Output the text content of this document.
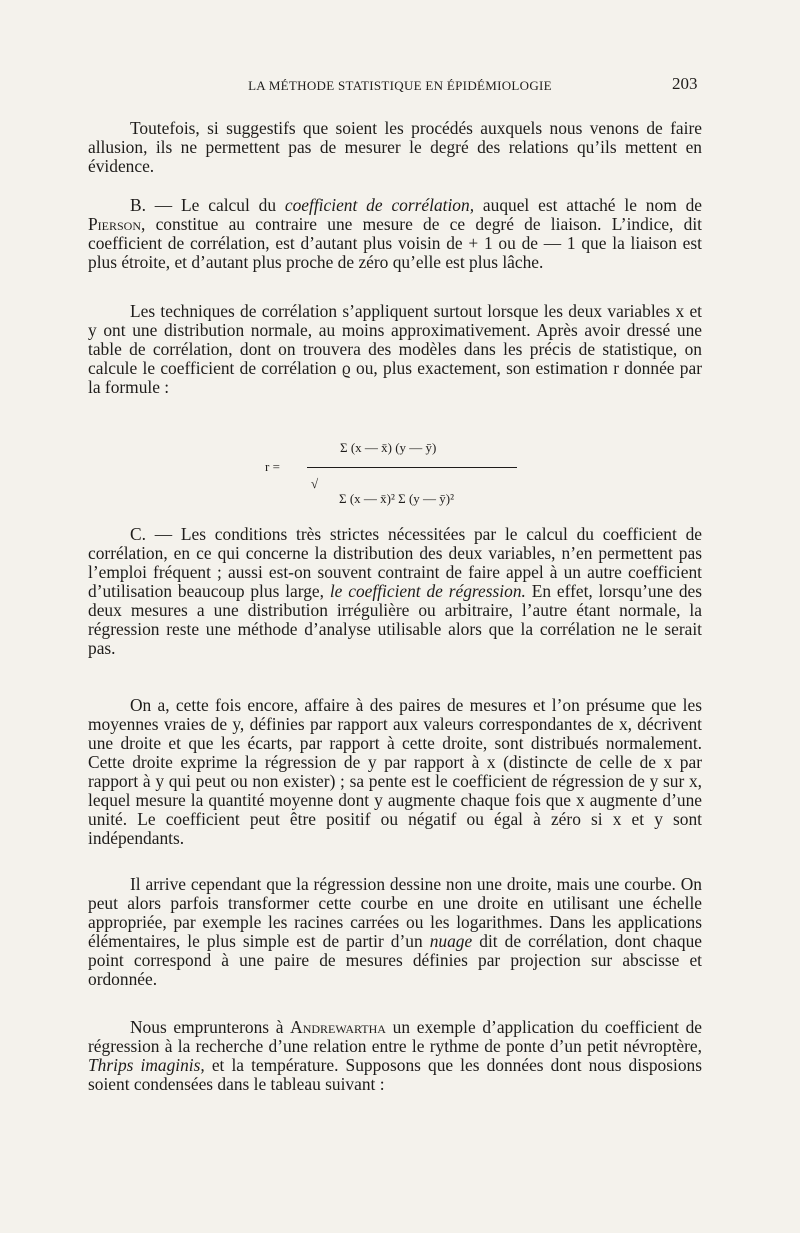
LA MÉTHODE STATISTIQUE EN ÉPIDÉMIOLOGIE	203

Toutefois, si suggestifs que soient les procédés auxquels nous venons de faire allusion, ils ne permettent pas de mesurer le degré des relations qu’ils mettent en évidence.

B. — Le calcul du coefficient de corrélation, auquel est attaché le nom de Pierson, constitue au contraire une mesure de ce degré de liaison. L’indice, dit coefficient de corrélation, est d’autant plus voisin de + 1 ou de — 1 que la liaison est plus étroite, et d’autant plus proche de zéro qu’elle est plus lâche.

Les techniques de corrélation s’appliquent surtout lorsque les deux variables x et y ont une distribution normale, au moins approximativement. Après avoir dressé une table de corrélation, dont on trouvera des modèles dans les précis de statistique, on calcule le coefficient de corrélation ϱ ou, plus exactement, son estimation r donnée par la formule :

r =
Σ (x — x̄) (y — ȳ)
√
Σ (x — x̄)² Σ (y — ȳ)²

C. — Les conditions très strictes nécessitées par le calcul du coefficient de corrélation, en ce qui concerne la distribution des deux variables, n’en permettent pas l’emploi fréquent ; aussi est-on souvent contraint de faire appel à un autre coefficient d’utilisation beaucoup plus large, le coefficient de régression. En effet, lorsqu’une des deux mesures a une distribution irrégulière ou arbitraire, l’autre étant normale, la régression reste une méthode d’analyse utilisable alors que la corrélation ne le serait pas.

On a, cette fois encore, affaire à des paires de mesures et l’on présume que les moyennes vraies de y, définies par rapport aux valeurs correspondantes de x, décrivent une droite et que les écarts, par rapport à cette droite, sont distribués normalement. Cette droite exprime la régression de y par rapport à x (distincte de celle de x par rapport à y qui peut ou non exister) ; sa pente est le coefficient de régression de y sur x, lequel mesure la quantité moyenne dont y augmente chaque fois que x augmente d’une unité. Le coefficient peut être positif ou négatif ou égal à zéro si x et y sont indépendants.

Il arrive cependant que la régression dessine non une droite, mais une courbe. On peut alors parfois transformer cette courbe en une droite en utilisant une échelle appropriée, par exemple les racines carrées ou les logarithmes. Dans les applications élémentaires, le plus simple est de partir d’un nuage dit de corrélation, dont chaque point correspond à une paire de mesures définies par projection sur abscisse et ordonnée.

Nous emprunterons à Andrewartha un exemple d’application du coefficient de régression à la recherche d’une relation entre le rythme de ponte d’un petit névroptère, Thrips imaginis, et la température. Supposons que les données dont nous disposions soient condensées dans le tableau suivant :
